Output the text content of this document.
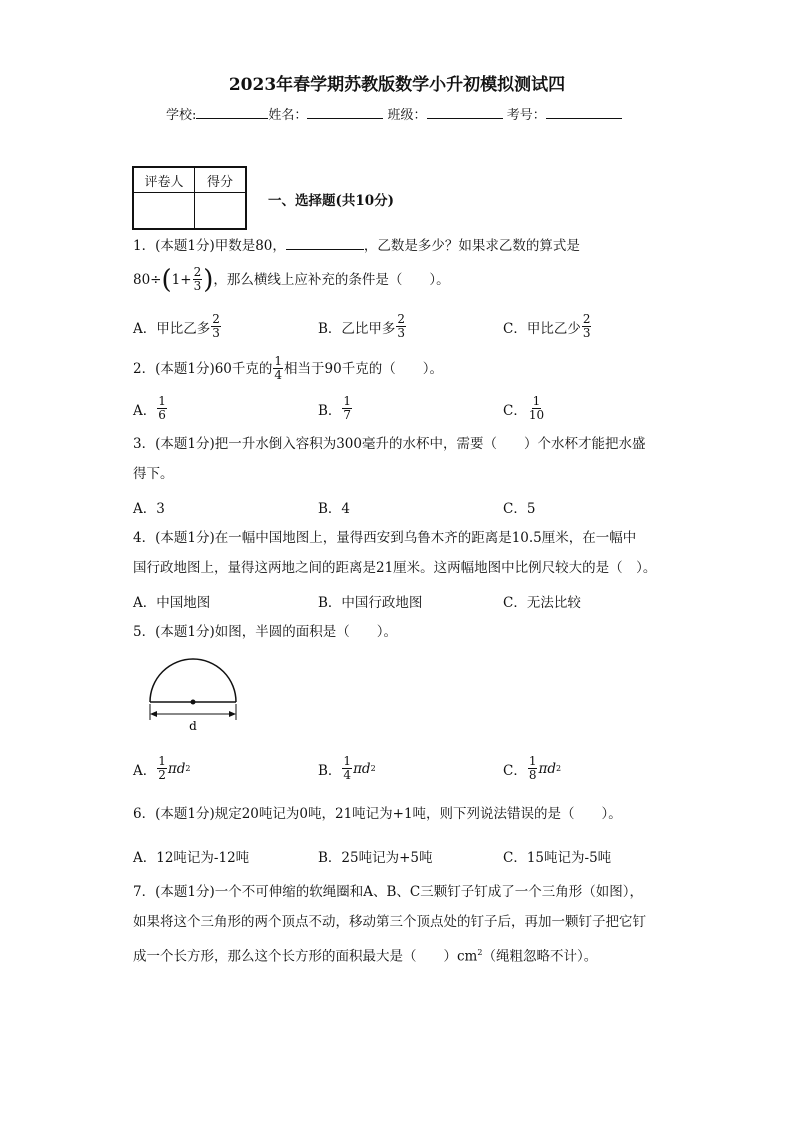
2023年春学期苏教版数学小升初模拟测试四
学校:	姓名：	班级：	考号：
评卷人	得分

一、选择题(共10分)
1．(本题1分)甲数是80，	，乙数是多少？如果求乙数的算式是
80÷ ( $1+ \frac{2}{3}$ ) ，那么横线上应补充的条件是（　　）。
A．甲比乙多 $\frac{2}{3}$	B．乙比甲多 $\frac{2}{3}$	C．甲比乙少 $\frac{2}{3}$
2．(本题1分)60千克的 $\frac{1}{4}$ 相当于90千克的（　　）。
A． $\frac{1}{6}$	B． $\frac{1}{7}$	C． $\frac{1}{10}$
3．(本题1分)把一升水倒入容积为300毫升的水杯中，需要（　　）个水杯才能把水盛
得下。
A．3	B．4	C．5
4．(本题1分)在一幅中国地图上，量得西安到乌鲁木齐的距离是10.5厘米，在一幅中
国行政地图上，量得这两地之间的距离是21厘米。这两幅地图中比例尺较大的是（　）。
A．中国地图	B．中国行政地图	C．无法比较
5．(本题1分)如图，半圆的面积是（　　）。
d
A． $\frac{1}{2}$ πd 2	B． $\frac{1}{4}$ πd 2	C． $\frac{1}{8}$ πd 2
6．(本题1分)规定20吨记为0吨，21吨记为+1吨，则下列说法错误的是（　　）。
A．12吨记为-12吨	B．25吨记为+5吨	C．15吨记为-5吨
7．(本题1分)一个不可伸缩的软绳圈和A、B、C三颗钉子钉成了一个三角形（如图），
如果将这个三角形的两个顶点不动，移动第三个顶点处的钉子后，再加一颗钉子把它钉
成一个长方形，那么这个长方形的面积最大是（　　）$cm^2$（绳粗忽略不计）。
